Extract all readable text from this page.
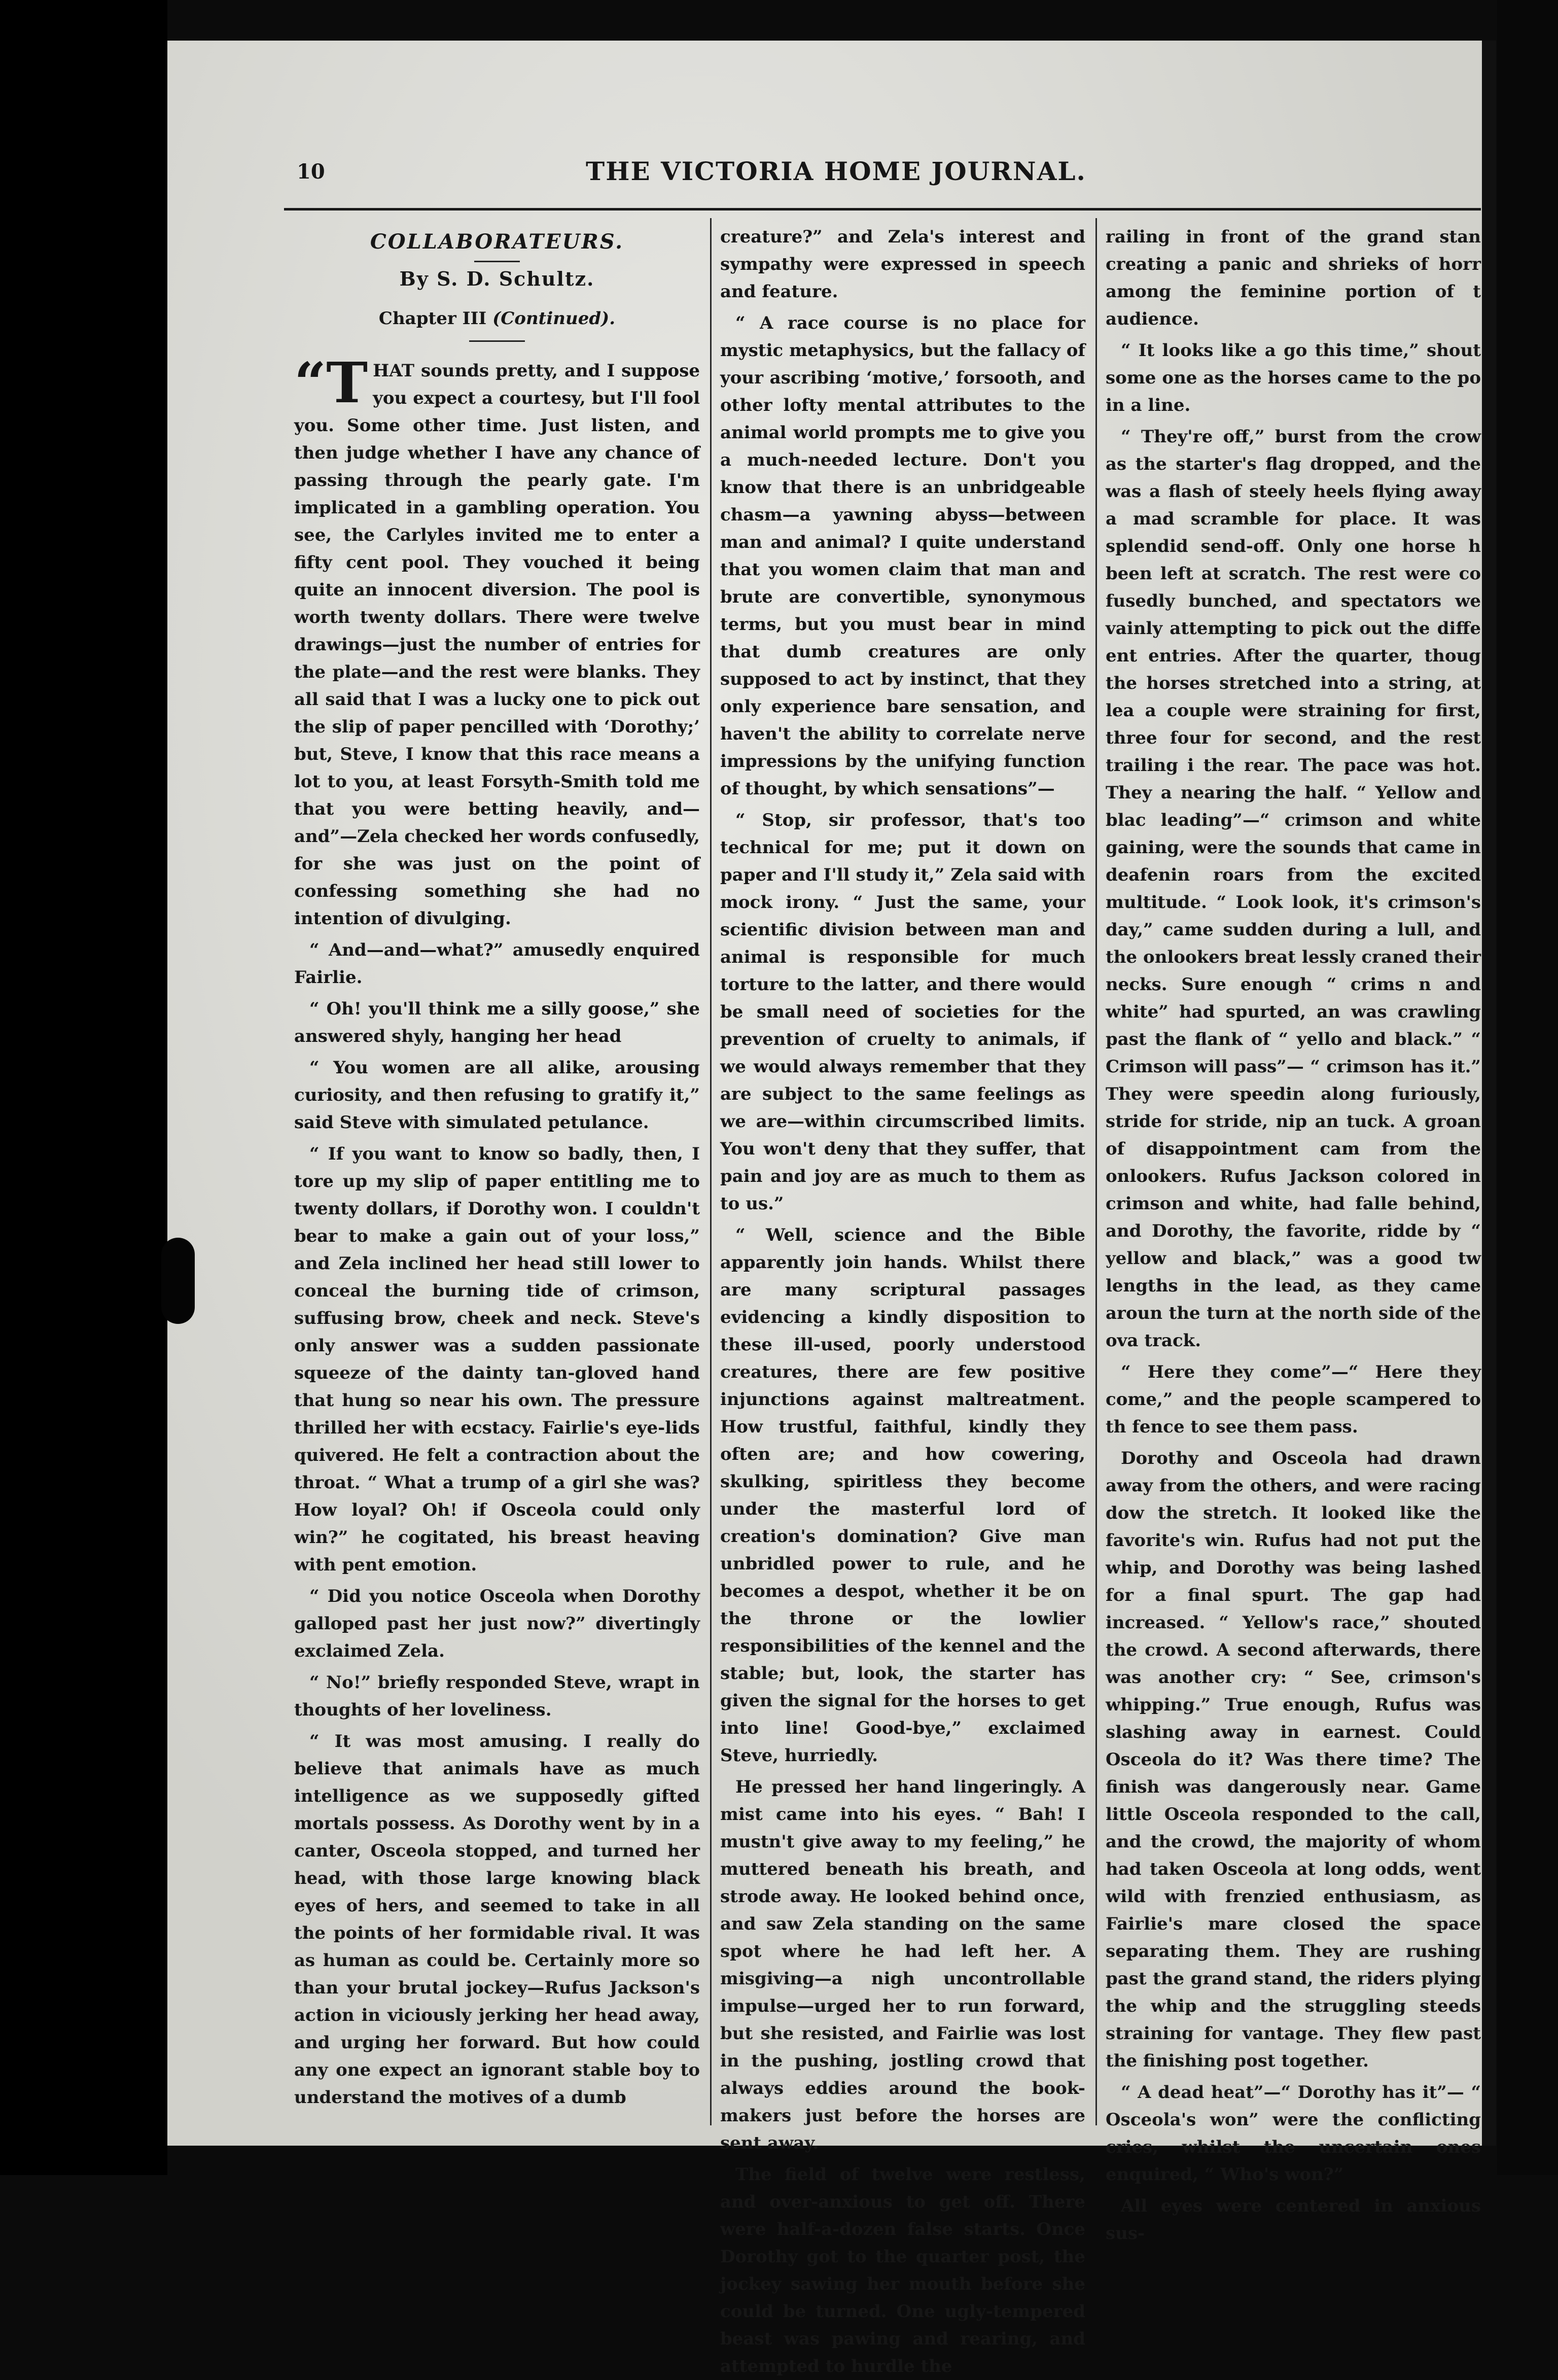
10	THE VICTORIA HOME JOURNAL.
COLLABORATEURS.
By S. D. Schultz.
Chapter III (Continued).

“T HAT sounds pretty, and I suppose you expect a courtesy, but I'll fool you. Some other time. Just listen, and then judge whether I have any chance of passing through the pearly gate. I'm implicated in a gambling operation. You see, the Carlyles invited me to enter a fifty cent pool. They vouched it being quite an innocent diversion. The pool is worth twenty dollars. There were twelve drawings—just the number of entries for the plate—and the rest were blanks. They all said that I was a lucky one to pick out the slip of paper pencilled with ‘Dorothy;’ but, Steve, I know that this race means a lot to you, at least Forsyth-Smith told me that you were betting heavily, and—and”—Zela checked her words confusedly, for she was just on the point of confessing something she had no intention of divulging.

“ And—and—what?” amusedly enquired Fairlie.

“ Oh! you'll think me a silly goose,” she answered shyly, hanging her head

“ You women are all alike, arousing curiosity, and then refusing to gratify it,” said Steve with simulated petulance.

“ If you want to know so badly, then, I tore up my slip of paper entitling me to twenty dollars, if Dorothy won. I couldn't bear to make a gain out of your loss,” and Zela inclined her head still lower to conceal the burning tide of crimson, suffusing brow, cheek and neck. Steve's only answer was a sudden passionate squeeze of the dainty tan-gloved hand that hung so near his own. The pressure thrilled her with ecstacy. Fairlie's eye-lids quivered. He felt a contraction about the throat. “ What a trump of a girl she was? How loyal? Oh! if Osceola could only win?” he cogitated, his breast heaving with pent emotion.

“ Did you notice Osceola when Dorothy galloped past her just now?” divertingly exclaimed Zela.

“ No!” briefly responded Steve, wrapt in thoughts of her loveliness.

“ It was most amusing. I really do believe that animals have as much intelligence as we supposedly gifted mortals possess. As Dorothy went by in a canter, Osceola stopped, and turned her head, with those large knowing black eyes of hers, and seemed to take in all the points of her formidable rival. It was as human as could be. Certainly more so than your brutal jockey—Rufus Jackson's action in viciously jerking her head away, and urging her forward. But how could any one expect an ignorant stable boy to understand the motives of a dumb

creature?” and Zela's interest and sympathy were expressed in speech and feature.

“ A race course is no place for mystic metaphysics, but the fallacy of your ascribing ‘motive,’ forsooth, and other lofty mental attributes to the animal world prompts me to give you a much-needed lecture. Don't you know that there is an unbridgeable chasm—a yawning abyss—between man and animal? I quite understand that you women claim that man and brute are convertible, synonymous terms, but you must bear in mind that dumb creatures are only supposed to act by instinct, that they only experience bare sensation, and haven't the ability to correlate nerve impressions by the unifying function of thought, by which sensations”—

“ Stop, sir professor, that's too technical for me; put it down on paper and I'll study it,” Zela said with mock irony. “ Just the same, your scientific division between man and animal is responsible for much torture to the latter, and there would be small need of societies for the prevention of cruelty to animals, if we would always remember that they are subject to the same feelings as we are—within circumscribed limits. You won't deny that they suffer, that pain and joy are as much to them as to us.”

“ Well, science and the Bible apparently join hands. Whilst there are many scriptural passages evidencing a kindly disposition to these ill-used, poorly understood creatures, there are few positive injunctions against maltreatment. How trustful, faithful, kindly they often are; and how cowering, skulking, spiritless they become under the masterful lord of creation's domination? Give man unbridled power to rule, and he becomes a despot, whether it be on the throne or the lowlier responsibilities of the kennel and the stable; but, look, the starter has given the signal for the horses to get into line! Good-bye,” exclaimed Steve, hurriedly.

He pressed her hand lingeringly. A mist came into his eyes. “ Bah! I mustn't give away to my feeling,” he muttered beneath his breath, and strode away. He looked behind once, and saw Zela standing on the same spot where he had left her. A misgiving—a nigh uncontrollable impulse—urged her to run forward, but she resisted, and Fairlie was lost in the pushing, jostling crowd that always eddies around the book-makers just before the horses are sent away.

The field of twelve were restless, and over-anxious to get off. There were half-a-dozen false starts. Once Dorothy got to the quarter post, the jockey sawing her mouth before she could be turned. One ugly-tempered beast was pawing and rearing, and attempted to hurdle the

railing in front of the grand stan creating a panic and shrieks of horr among the feminine portion of t audience.

“ It looks like a go this time,” shout some one as the horses came to the po in a line.

“ They're off,” burst from the crow as the starter's flag dropped, and the was a flash of steely heels flying away a mad scramble for place. It was splendid send-off. Only one horse h been left at scratch. The rest were co fusedly bunched, and spectators we vainly attempting to pick out the diffe ent entries. After the quarter, thoug the horses stretched into a string, at lea a couple were straining for first, three four for second, and the rest trailing i the rear. The pace was hot. They a nearing the half. “ Yellow and blac leading”—“ crimson and white gaining, were the sounds that came in deafenin roars from the excited multitude. “ Look look, it's crimson's day,” came sudden during a lull, and the onlookers breat lessly craned their necks. Sure enough “ crims n and white” had spurted, an was crawling past the flank of “ yello and black.” “ Crimson will pass”— “ crimson has it.” They were speedin along furiously, stride for stride, nip an tuck. A groan of disappointment cam from the onlookers. Rufus Jackson colored in crimson and white, had falle behind, and Dorothy, the favorite, ridde by “ yellow and black,” was a good tw lengths in the lead, as they came aroun the turn at the north side of the ova track.

“ Here they come”—“ Here they come,” and the people scampered to th fence to see them pass.

Dorothy and Osceola had drawn away from the others, and were racing dow the stretch. It looked like the favorite's win. Rufus had not put the whip, and Dorothy was being lashed for a final spurt. The gap had increased. “ Yellow's race,” shouted the crowd. A second afterwards, there was another cry: “ See, crimson's whipping.” True enough, Rufus was slashing away in earnest. Could Osceola do it? Was there time? The finish was dangerously near. Game little Osceola responded to the call, and the crowd, the majority of whom had taken Osceola at long odds, went wild with frenzied enthusiasm, as Fairlie's mare closed the space separating them. They are rushing past the grand stand, the riders plying the whip and the struggling steeds straining for vantage. They flew past the finishing post together.

“ A dead heat”—“ Dorothy has it”— “ Osceola's won” were the conflicting cries, whilst the uncertain ones enquired, “ Who's won?”

All eyes were centered in anxious sus-
